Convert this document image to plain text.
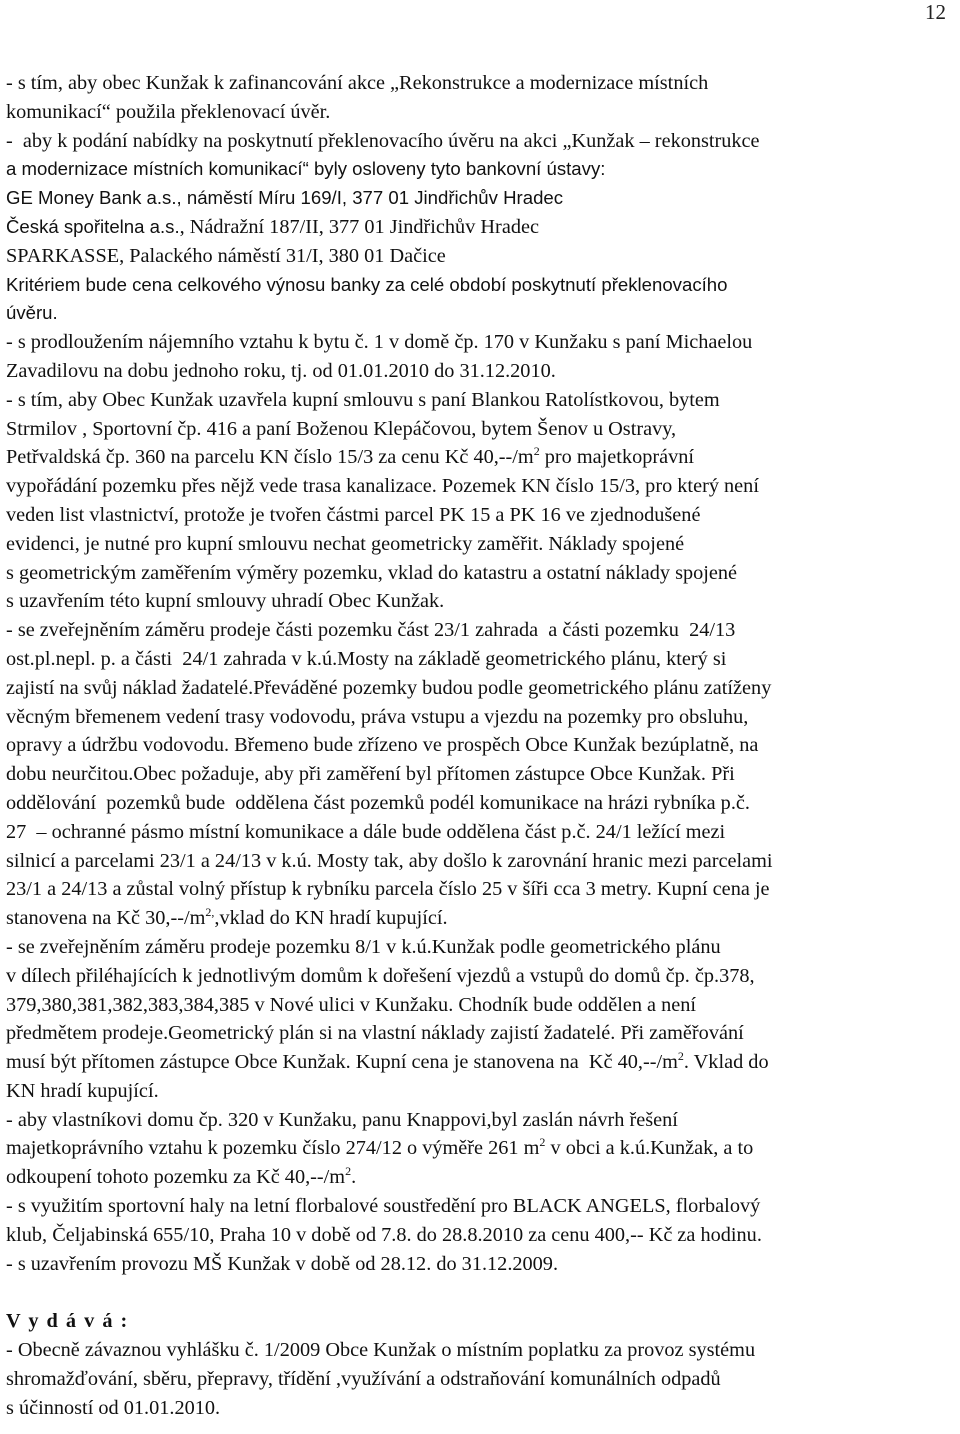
12
- s tím, aby obec Kunžak k zafinancování akce „Rekonstrukce a modernizace místních
komunikací“ použila překlenovací úvěr.
-  aby k podání nabídky na poskytnutí překlenovacího úvěru na akci „Kunžak – rekonstrukce
a modernizace místních komunikací“ byly osloveny tyto bankovní ústavy:
GE Money Bank a.s., náměstí Míru 169/I, 377 01 Jindřichův Hradec
Česká spořitelna a.s., Nádražní 187/II, 377 01 Jindřichův Hradec
SPARKASSE, Palackého náměstí 31/I, 380 01 Dačice
Kritériem bude cena celkového výnosu banky za celé období poskytnutí překlenovacího
úvěru.
- s prodloužením nájemního vztahu k bytu č. 1 v domě čp. 170 v Kunžaku s paní Michaelou
Zavadilovu na dobu jednoho roku, tj. od 01.01.2010 do 31.12.2010.
- s tím, aby Obec Kunžak uzavřela kupní smlouvu s paní Blankou Ratolístkovou, bytem
Strmilov , Sportovní čp. 416 a paní Boženou Klepáčovou, bytem Šenov u Ostravy,
Petřvaldská čp. 360 na parcelu KN číslo 15/3 za cenu Kč $40,--/m^2$ pro majetkoprávní
vypořádání pozemku přes nějž vede trasa kanalizace. Pozemek KN číslo 15/3, pro který není
veden list vlastnictví, protože je tvořen částmi parcel PK 15 a PK 16 ve zjednodušené
evidenci, je nutné pro kupní smlouvu nechat geometricky zaměřit. Náklady spojené
s geometrickým zaměřením výměry pozemku, vklad do katastru a ostatní náklady spojené
s uzavřením této kupní smlouvy uhradí Obec Kunžak.
- se zveřejněním záměru prodeje části pozemku část 23/1 zahrada  a části pozemku  24/13
ost.pl.nepl. p. a části  24/1 zahrada v k.ú.Mosty na základě geometrického plánu, který si
zajistí na svůj náklad žadatelé.Převáděné pozemky budou podle geometrického plánu zatíženy
věcným břemenem vedení trasy vodovodu, práva vstupu a vjezdu na pozemky pro obsluhu,
opravy a údržbu vodovodu. Břemeno bude zřízeno ve prospěch Obce Kunžak bezúplatně, na
dobu neurčitou.Obec požaduje, aby při zaměření byl přítomen zástupce Obce Kunžak. Při
oddělování  pozemků bude  oddělena část pozemků podél komunikace na hrázi rybníka p.č.
27  – ochranné pásmo místní komunikace a dále bude oddělena část p.č. 24/1 ležící mezi
silnicí a parcelami 23/1 a 24/13 v k.ú. Mosty tak, aby došlo k zarovnání hranic mezi parcelami
23/1 a 24/13 a zůstal volný přístup k rybníku parcela číslo 25 v šíři cca 3 metry. Kupní cena je
stanovena na Kč $30,--/m^{2,},vklad$ do KN hradí kupující.
- se zveřejněním záměru prodeje pozemku 8/1 v k.ú.Kunžak podle geometrického plánu
v dílech přiléhajících k jednotlivým domům k dořešení vjezdů a vstupů do domů čp. čp.378,
379,380,381,382,383,384,385 v Nové ulici v Kunžaku. Chodník bude oddělen a není
předmětem prodeje.Geometrický plán si na vlastní náklady zajistí žadatelé. Při zaměřování
musí být přítomen zástupce Obce Kunžak. Kupní cena je stanovena na  Kč $40,--/m^2$. Vklad do
KN hradí kupující.
- aby vlastníkovi domu čp. 320 v Kunžaku, panu Knappovi,byl zaslán návrh řešení
majetkoprávního vztahu k pozemku číslo 274/12 o výměře 261 $m^2$ v obci a k.ú.Kunžak, a to
odkoupení tohoto pozemku za Kč $40,--/m^2$.
- s využitím sportovní haly na letní florbalové soustředění pro BLACK ANGELS, florbalový
klub, Čeljabinská 655/10, Praha 10 v době od 7.8. do 28.8.2010 za cenu 400,-- Kč za hodinu.
- s uzavřením provozu MŠ Kunžak v době od 28.12. do 31.12.2009.
V y d á v á :
- Obecně závaznou vyhlášku č. 1/2009 Obce Kunžak o místním poplatku za provoz systému
shromažďování, sběru, přepravy, třídění ,využívání a odstraňování komunálních odpadů
s účinností od 01.01.2010.
